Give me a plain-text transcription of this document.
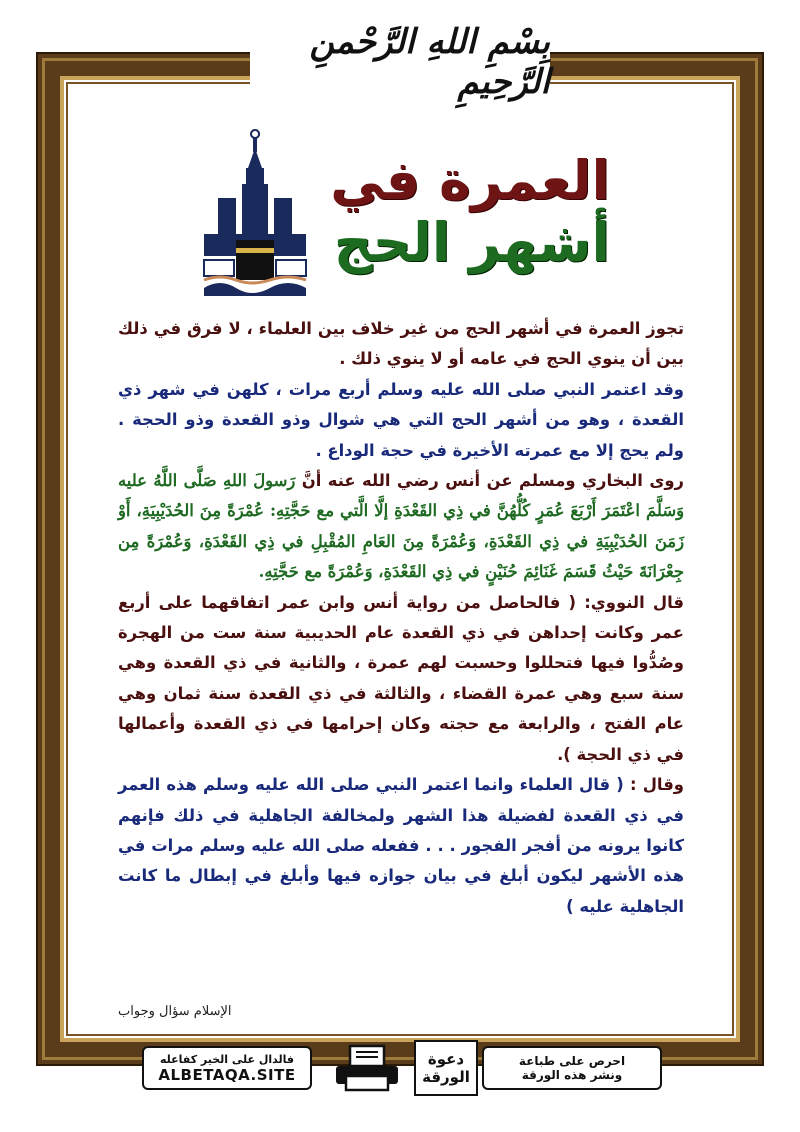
بِسْمِ اللهِ الرَّحْمنِ الرَّحِيمِ
العمرة في
أشهر الحج

تجوز العمرة في أشهر الحج من غير خلاف بين العلماء ، لا فرق في ذلك بين أن ينوي الحج في عامه أو لا ينوي ذلك .

وقد اعتمر النبي صلى الله عليه وسلم أربع مرات ، كلهن في شهر ذي القعدة ، وهو من أشهر الحج التي هي شوال وذو القعدة وذو الحجة . ولم يحج إلا مع عمرته الأخيرة في حجة الوداع .

روى البخاري ومسلم عن أنس رضي الله عنه أنَّ رَسولَ اللهِ صَلَّى اللَّهُ عليه وَسَلَّمَ اعْتَمَرَ أَرْبَعَ عُمَرٍ كُلُّهُنَّ في ذِي القَعْدَةِ إلَّا الَّتي مع حَجَّتِهِ: عُمْرَةً مِنَ الحُدَيْبِيَةِ، أَوْ زَمَنَ الحُدَيْبِيَةِ في ذِي القَعْدَةِ، وَعُمْرَةً مِنَ العَامِ المُقْبِلِ في ذِي القَعْدَةِ، وَعُمْرَةً مِن جِعْرَانَةَ حَيْثُ قَسَمَ غَنَائِمَ حُنَيْنٍ في ذِي القَعْدَةِ، وَعُمْرَةً مع حَجَّتِهِ.

قال النووي: ( فالحاصل من رواية أنس وابن عمر اتفاقهما على أربع عمر وكانت إحداهن في ذي القعدة عام الحديبية سنة ست من الهجرة وصُدُّوا فيها فتحللوا وحسبت لهم عمرة ، والثانية في ذي القعدة وهي سنة سبع وهي عمرة القضاء ، والثالثة في ذي القعدة سنة ثمان وهي عام الفتح ، والرابعة مع حجته وكان إحرامها في ذي القعدة وأعمالها في ذي الحجة ).

وقال : ( قال العلماء وانما اعتمر النبي صلى الله عليه وسلم هذه العمر في ذي القعدة لفضيلة هذا الشهر ولمخالفة الجاهلية في ذلك فإنهم كانوا يرونه من أفجر الفجور . . . ففعله صلى الله عليه وسلم مرات في هذه الأشهر ليكون أبلغ في بيان جوازه فيها وأبلغ في إبطال ما كانت الجاهلية عليه )

الإسلام سؤال وجواب
فالدال على الخير كفاعله
ALBETAQA.SITE
دعوة
الورقة
احرص على طباعة
ونشر هذه الورقة
